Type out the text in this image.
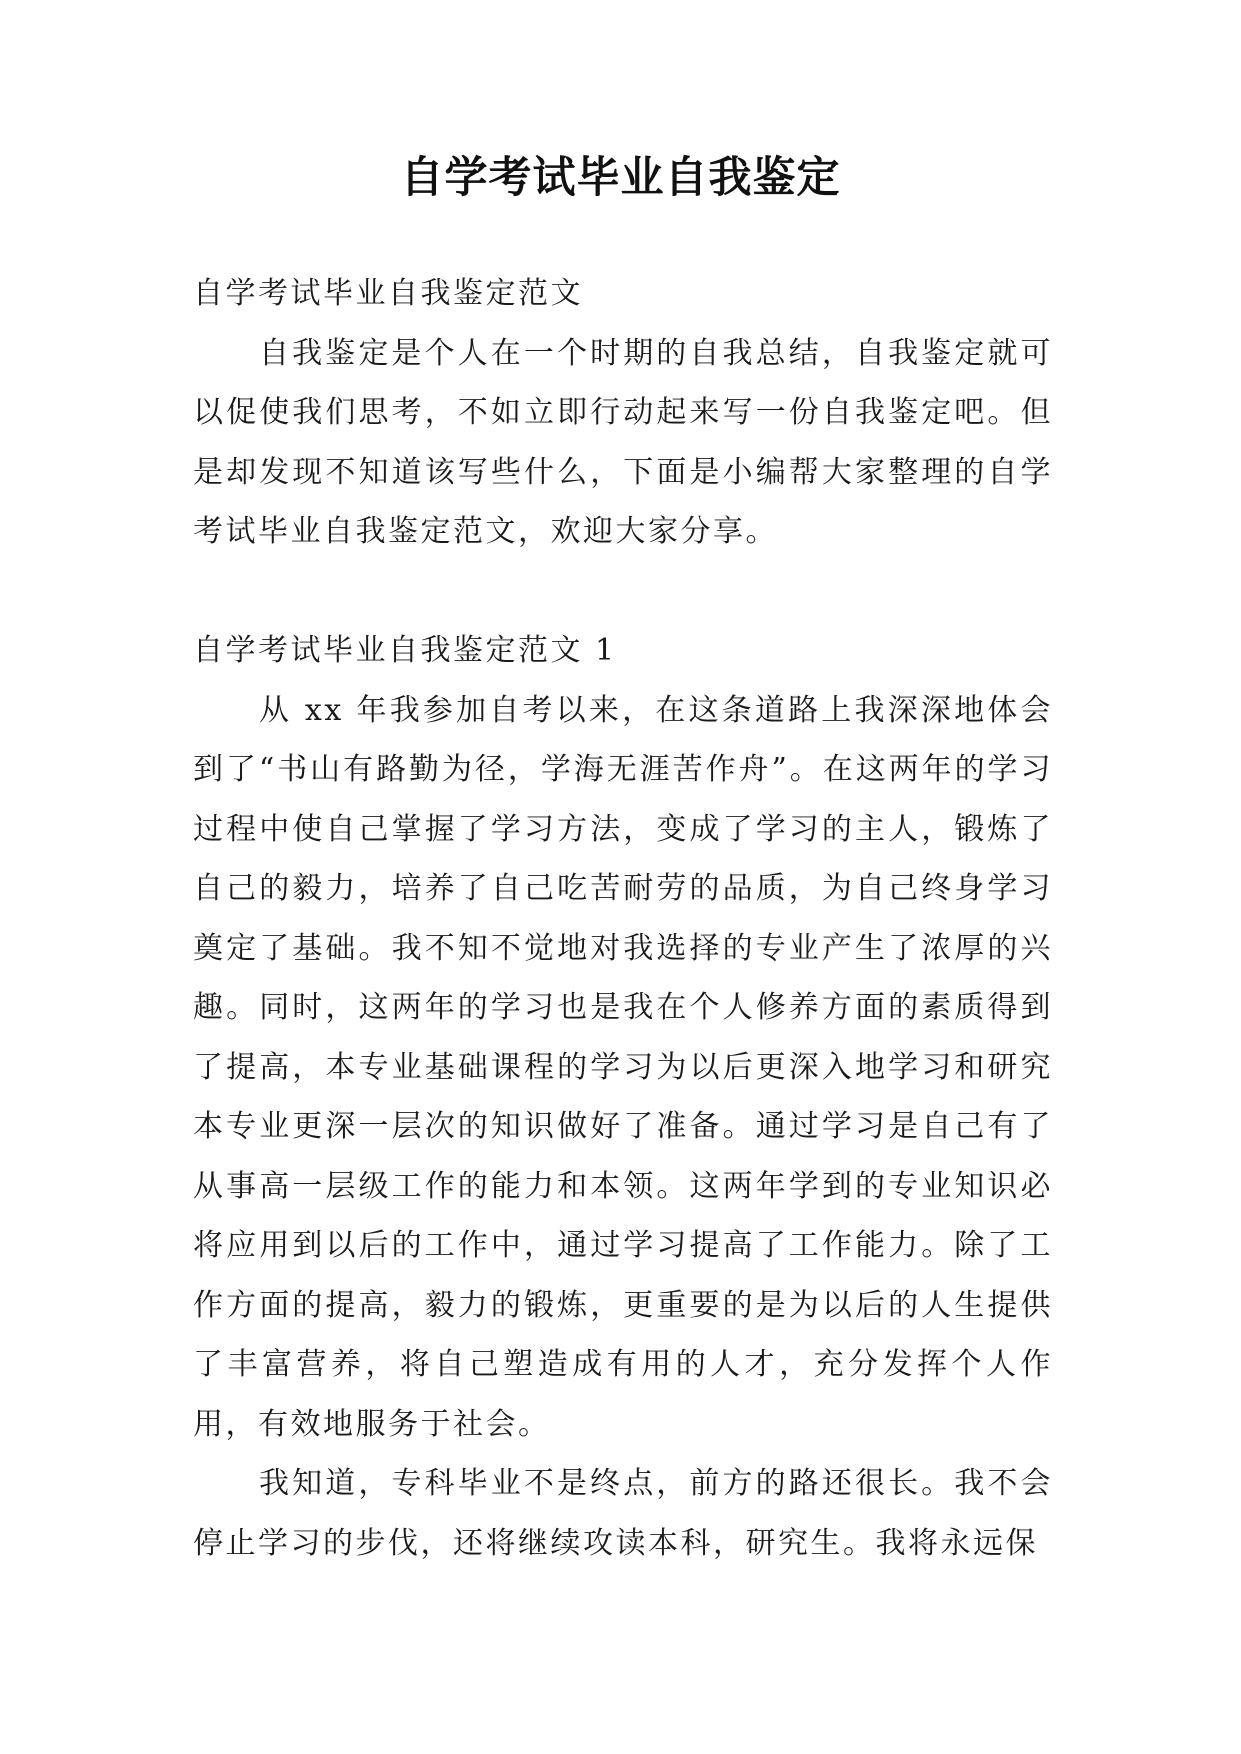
自学考试毕业自我鉴定

自学考试毕业自我鉴定范文

自我鉴定是个人在一个时期的自我总结，自我鉴定就可以促使我们思考，不如立即行动起来写一份自我鉴定吧。但是却发现不知道该写些什么，下面是小编帮大家整理的自学考试毕业自我鉴定范文，欢迎大家分享。

自学考试毕业自我鉴定范文 1

从 xx 年我参加自考以来，在这条道路上我深深地体会到了“书山有路勤为径，学海无涯苦作舟”。在这两年的学习过程中使自己掌握了学习方法，变成了学习的主人，锻炼了自己的毅力，培养了自己吃苦耐劳的品质，为自己终身学习奠定了基础。我不知不觉地对我选择的专业产生了浓厚的兴趣。同时，这两年的学习也是我在个人修养方面的素质得到了提高，本专业基础课程的学习为以后更深入地学习和研究本专业更深一层次的知识做好了准备。通过学习是自己有了从事高一层级工作的能力和本领。这两年学到的专业知识必将应用到以后的工作中，通过学习提高了工作能力。除了工作方面的提高，毅力的锻炼，更重要的是为以后的人生提供了丰富营养，将自己塑造成有用的人才，充分发挥个人作用，有效地服务于社会。

我知道，专科毕业不是终点，前方的路还很长。我不会停止学习的步伐，还将继续攻读本科，研究生。我将永远保
